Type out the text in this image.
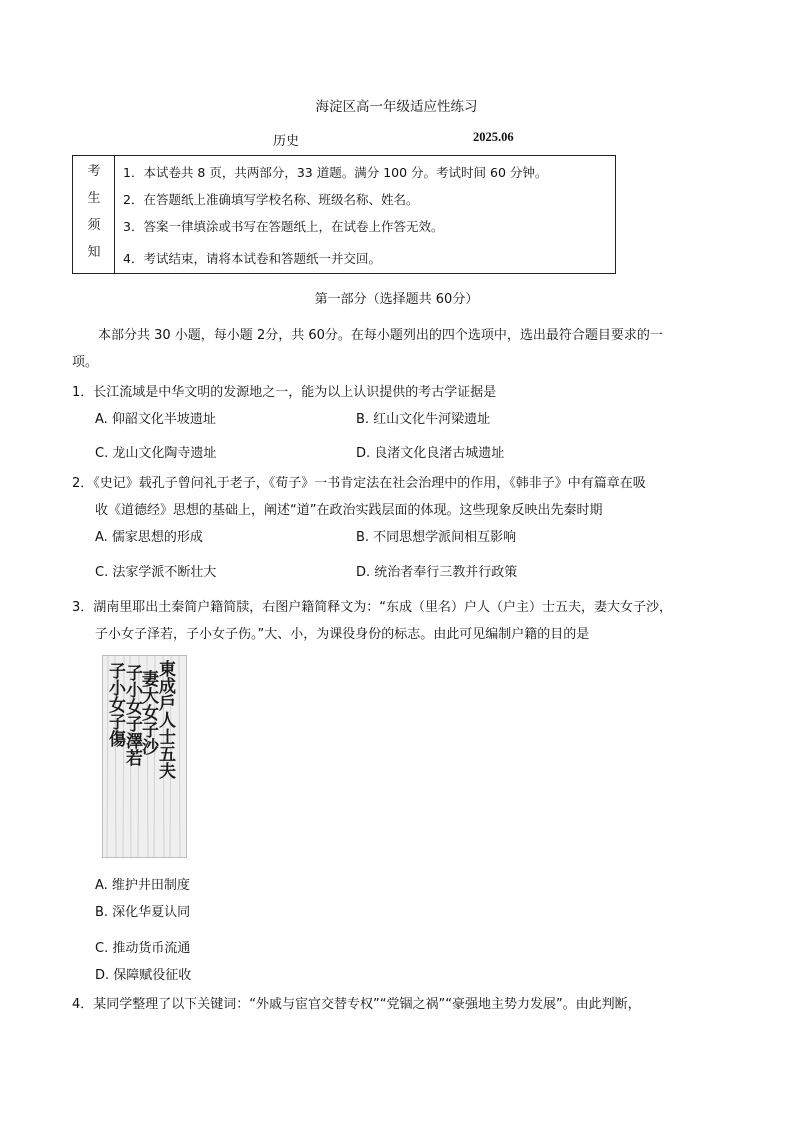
海淀区高一年级适应性练习
历史	2025.06
考
生
须
知
1．本试卷共 8 页，共两部分，33 道题。满分 100 分。考试时间 60 分钟。
2．在答题纸上准确填写学校名称、班级名称、姓名。
3．答案一律填涂或书写在答题纸上，在试卷上作答无效。
4．考试结束，请将本试卷和答题纸一并交回。
第一部分（选择题共 60分）
本部分共 30 小题，每小题 2分，共 60分。在每小题列出的四个选项中，选出最符合题目要求的一
项。
1．长江流域是中华文明的发源地之一，能为以上认识提供的考古学证据是
A. 仰韶文化半坡遗址	B. 红山文化牛河梁遗址
C. 龙山文化陶寺遗址	D. 良渚文化良渚古城遗址
2．《史记》载孔子曾问礼于老子，《荀子》一书肯定法在社会治理中的作用，《韩非子》中有篇章在吸
收《道德经》思想的基础上，阐述“道”在政治实践层面的体现。这些现象反映出先秦时期
A. 儒家思想的形成	B. 不同思想学派间相互影响
C. 法家学派不断壮大	D. 统治者奉行三教并行政策
3．湖南里耶出土秦简户籍简牍，右图户籍简释文为：“东成（里名）户人（户主）士五夫，妻大女子沙，
子小女子泽若，子小女子伤。”大、小，为课役身份的标志。由此可见编制户籍的目的是
東成戶人士五夫
妻大女子沙
子小女子澤若
子小女子傷
A. 维护井田制度
B. 深化华夏认同
C. 推动货币流通
D. 保障赋役征收
4．某同学整理了以下关键词：“外戚与宦官交替专权”“党锢之祸”“豪强地主势力发展”。由此判断，
